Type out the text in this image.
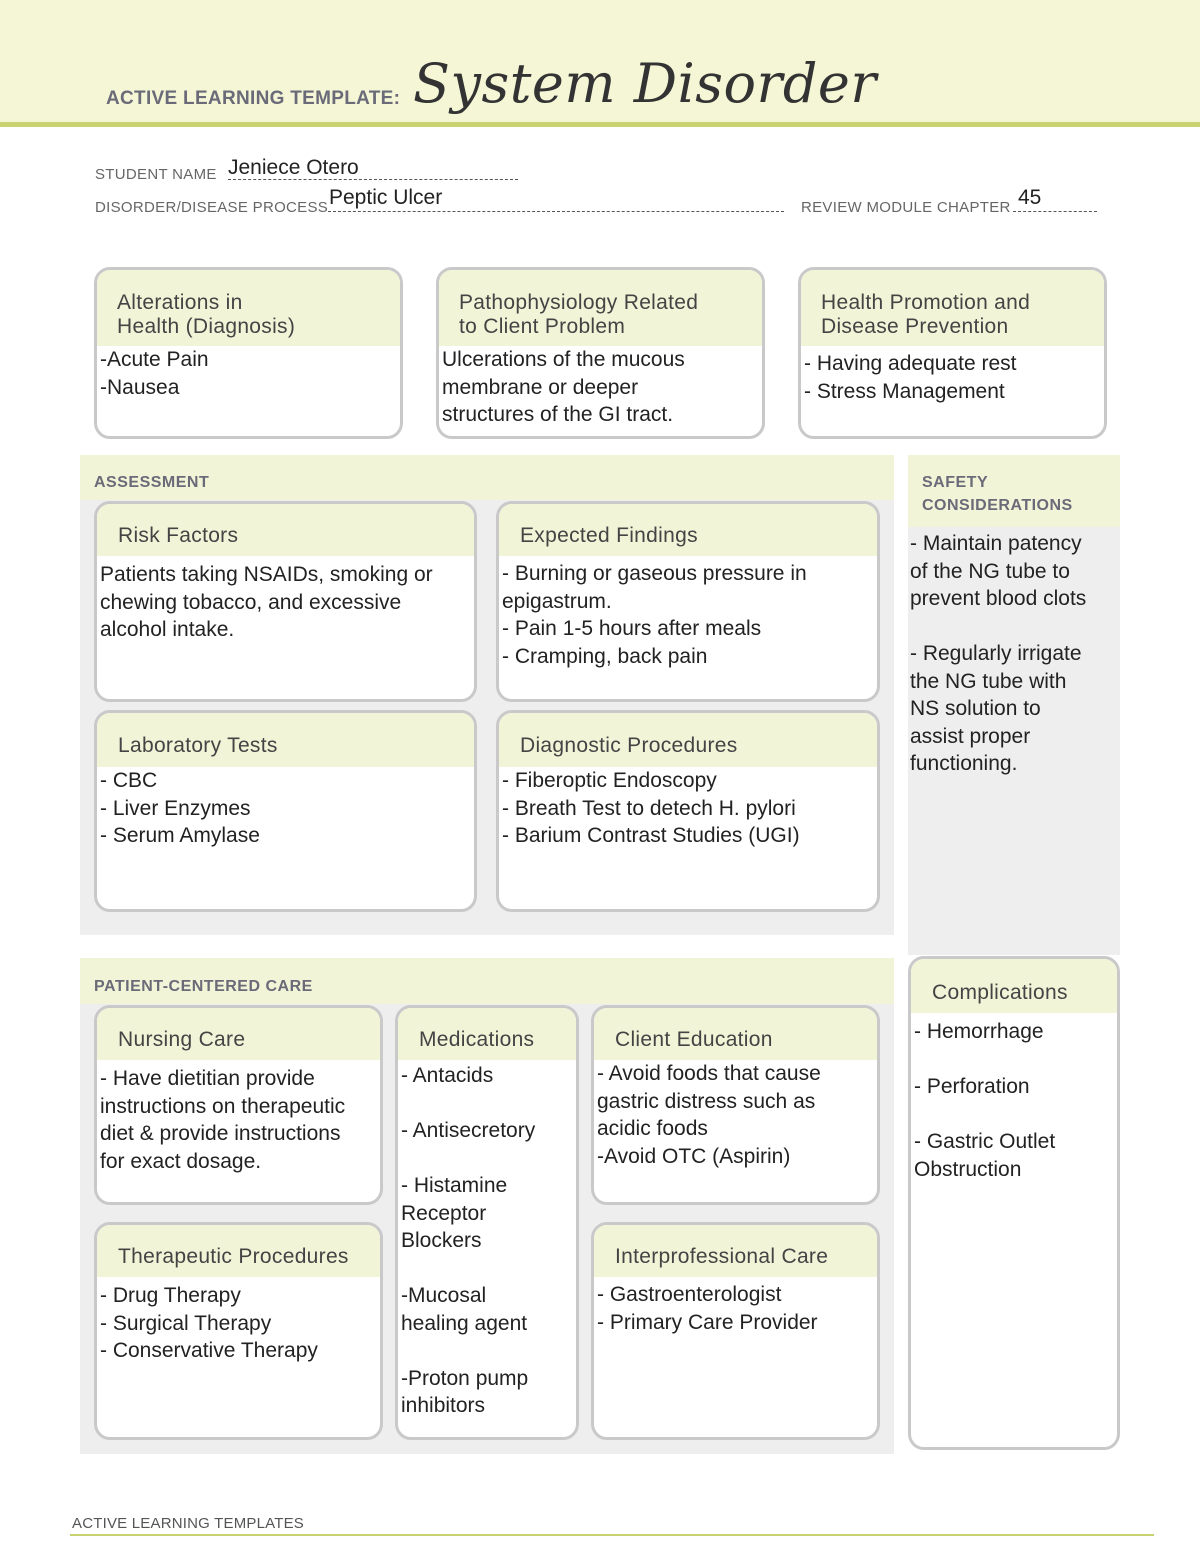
ACTIVE LEARNING TEMPLATE: System Disorder
STUDENT NAME Jeniece Otero
DISORDER/DISEASE PROCESS Peptic Ulcer	REVIEW MODULE CHAPTER 45
Alterations in
Health (Diagnosis)
-Acute Pain
-Nausea
Pathophysiology Related
to Client Problem
Ulcerations of the mucous
membrane or deeper
structures of the GI tract.
Health Promotion and
Disease Prevention
- Having adequate rest
- Stress Management
ASSESSMENT
Risk Factors
Patients taking NSAIDs, smoking or
chewing tobacco, and excessive
alcohol intake.
Expected Findings
- Burning or gaseous pressure in
epigastrum.
- Pain 1-5 hours after meals
- Cramping, back pain
Laboratory Tests
- CBC
- Liver Enzymes
- Serum Amylase
Diagnostic Procedures
- Fiberoptic Endoscopy
- Breath Test to detech H. pylori
- Barium Contrast Studies (UGI)
SAFETY
CONSIDERATIONS
- Maintain patency
of the NG tube to
prevent blood clots

- Regularly irrigate
the NG tube with
NS solution to
assist proper
functioning.
PATIENT-CENTERED CARE
Nursing Care
- Have dietitian provide
instructions on therapeutic
diet & provide instructions
for exact dosage.
Medications
- Antacids

- Antisecretory

- Histamine
Receptor
Blockers

-Mucosal
healing agent

-Proton pump
inhibitors
Client Education
- Avoid foods that cause
gastric distress such as
acidic foods
-Avoid OTC (Aspirin)
Therapeutic Procedures
- Drug Therapy
- Surgical Therapy
- Conservative Therapy
Interprofessional Care
- Gastroenterologist
- Primary Care Provider
Complications
- Hemorrhage

- Perforation

- Gastric Outlet
Obstruction
ACTIVE LEARNING TEMPLATES
